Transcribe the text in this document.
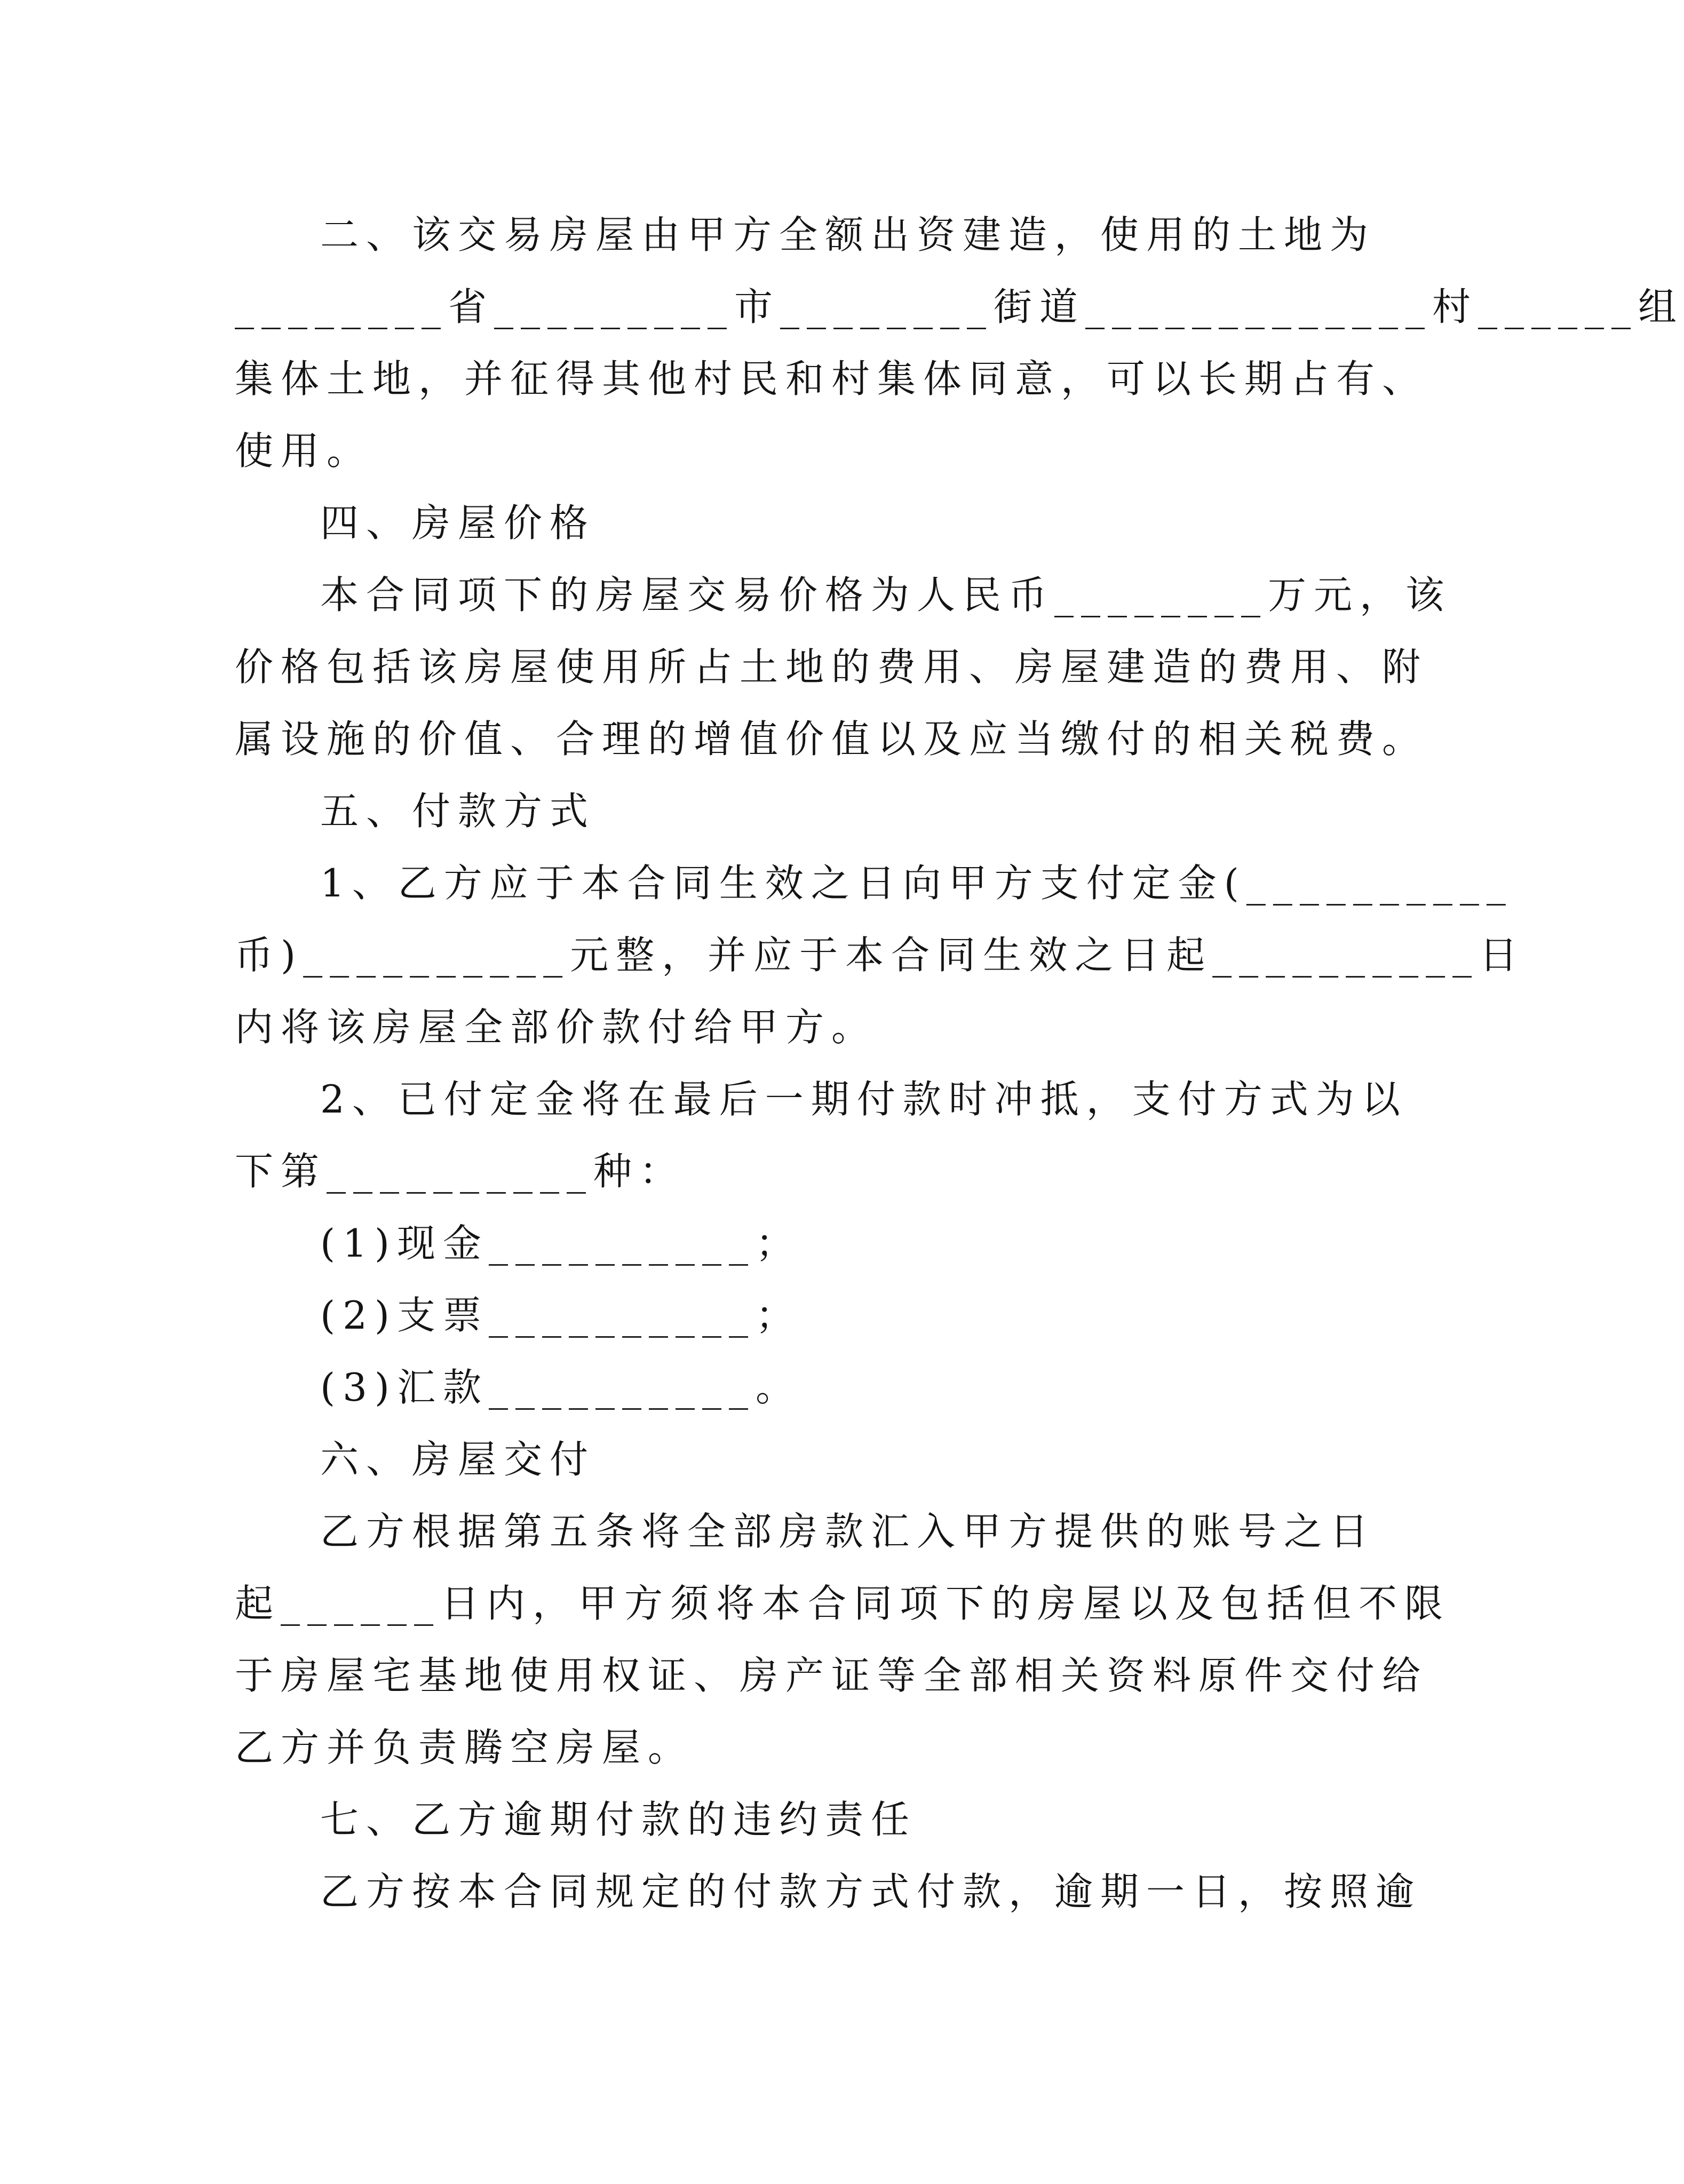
二、该交易房屋由甲方全额出资建造，使用的土地为
________省_________市________街道_____________村______组
集体土地，并征得其他村民和村集体同意，可以长期占有、
使用。
四、房屋价格
本合同项下的房屋交易价格为人民币________万元，该
价格包括该房屋使用所占土地的费用、房屋建造的费用、附
属设施的价值、合理的增值价值以及应当缴付的相关税费。
五、付款方式
1、乙方应于本合同生效之日向甲方支付定金(__________
币)__________元整，并应于本合同生效之日起__________日
内将该房屋全部价款付给甲方。
2、已付定金将在最后一期付款时冲抵，支付方式为以
下第__________种：
(1)现金__________；
(2)支票__________；
(3)汇款__________。
六、房屋交付
乙方根据第五条将全部房款汇入甲方提供的账号之日
起______日内，甲方须将本合同项下的房屋以及包括但不限
于房屋宅基地使用权证、房产证等全部相关资料原件交付给
乙方并负责腾空房屋。
七、乙方逾期付款的违约责任
乙方按本合同规定的付款方式付款，逾期一日，按照逾
